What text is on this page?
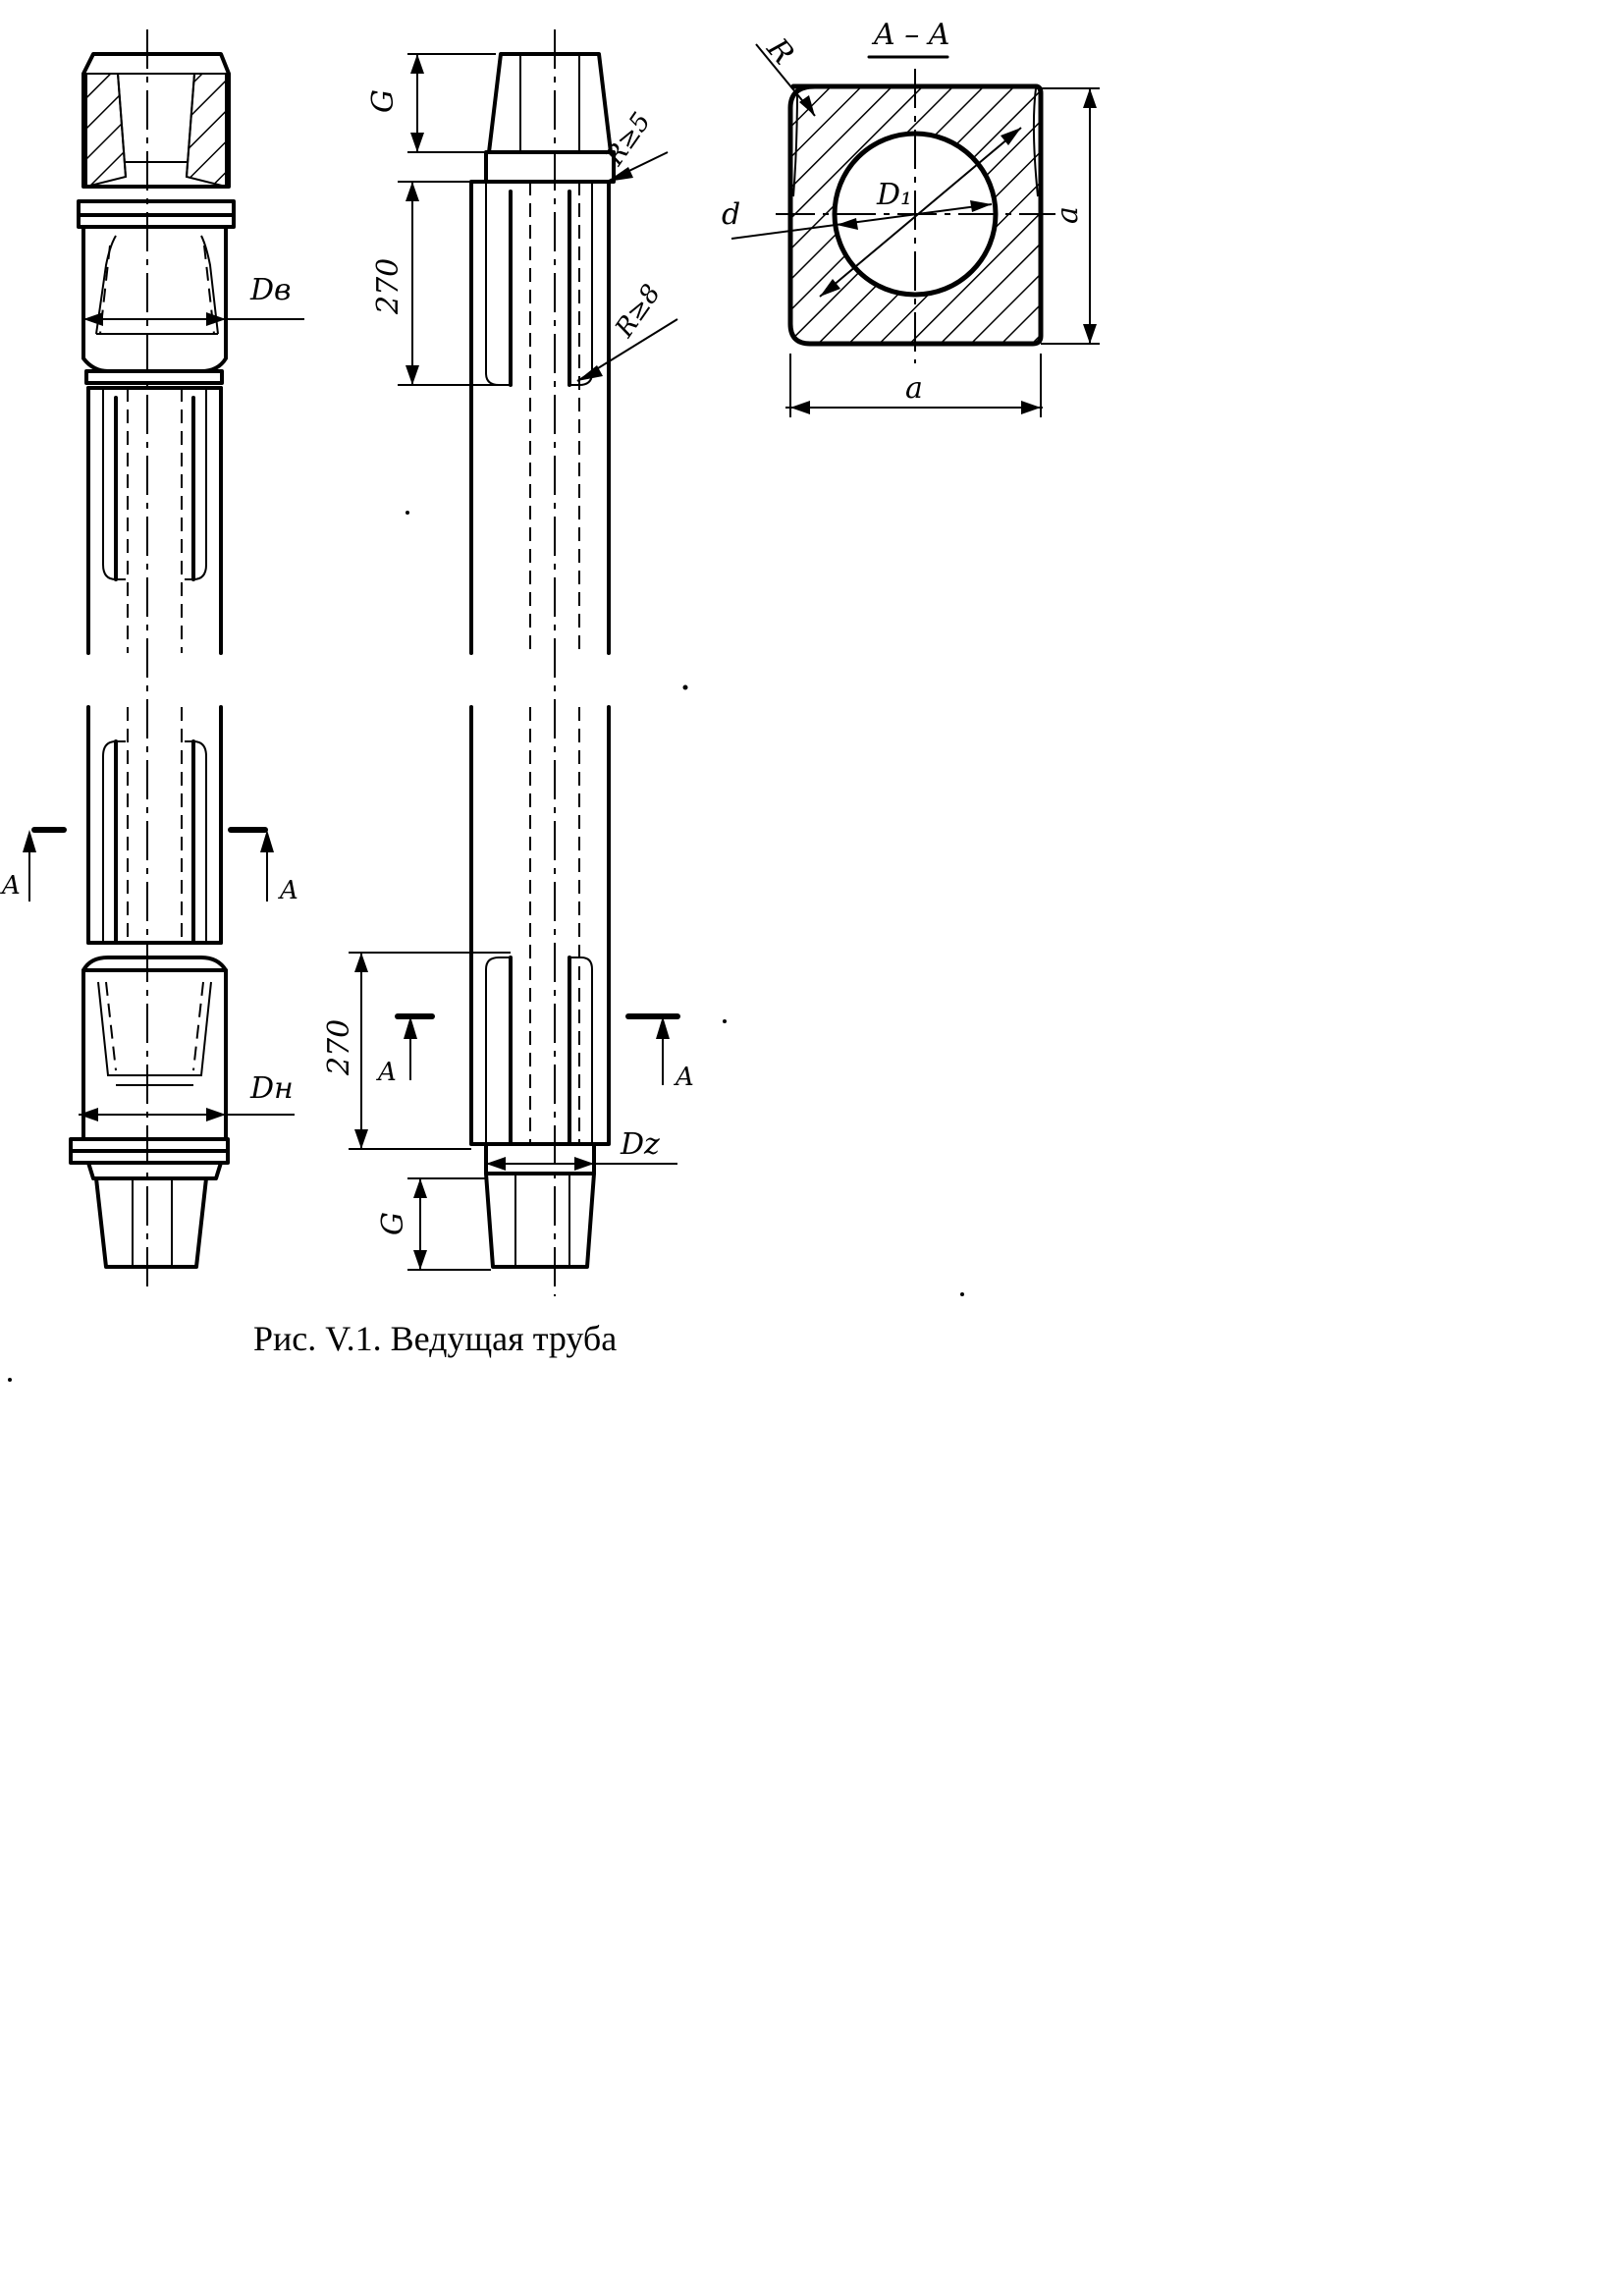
Dв
Dн
A	A
G
270
R≥5
R≥8
270
G
Dz
A	A
A – A
D₁
d
R
a
a
Рис. V.1. Ведущая труба
